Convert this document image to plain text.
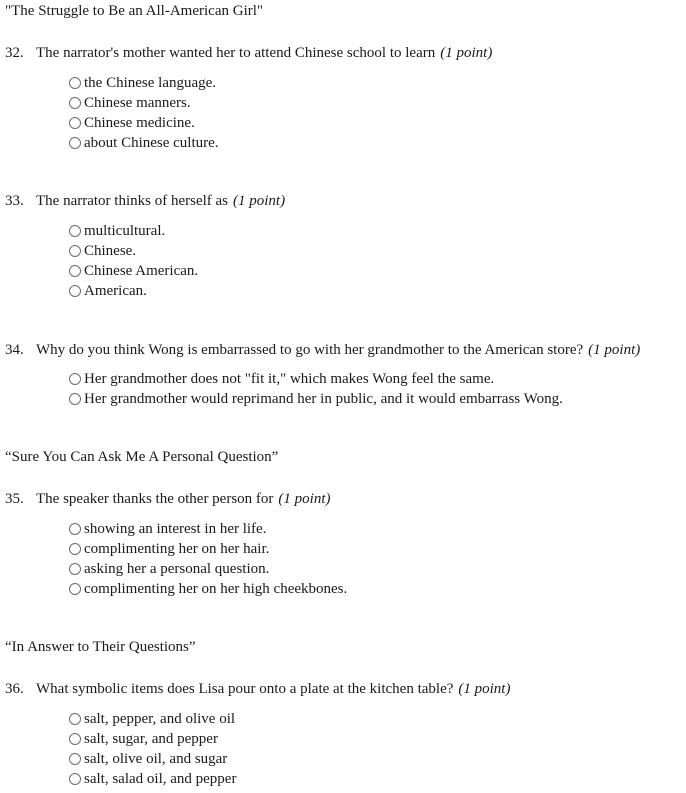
"The Struggle to Be an All-American Girl"
32. The narrator's mother wanted her to attend Chinese school to learn (1 point)
the Chinese language.
Chinese manners.
Chinese medicine.
about Chinese culture.
33. The narrator thinks of herself as (1 point)
multicultural.
Chinese.
Chinese American.
American.
34. Why do you think Wong is embarrassed to go with her grandmother to the American store? (1 point)
Her grandmother does not "fit it," which makes Wong feel the same.
Her grandmother would reprimand her in public, and it would embarrass Wong.
“Sure You Can Ask Me A Personal Question”
35. The speaker thanks the other person for (1 point)
showing an interest in her life.
complimenting her on her hair.
asking her a personal question.
complimenting her on her high cheekbones.
“In Answer to Their Questions”
36. What symbolic items does Lisa pour onto a plate at the kitchen table? (1 point)
salt, pepper, and olive oil
salt, sugar, and pepper
salt, olive oil, and sugar
salt, salad oil, and pepper
